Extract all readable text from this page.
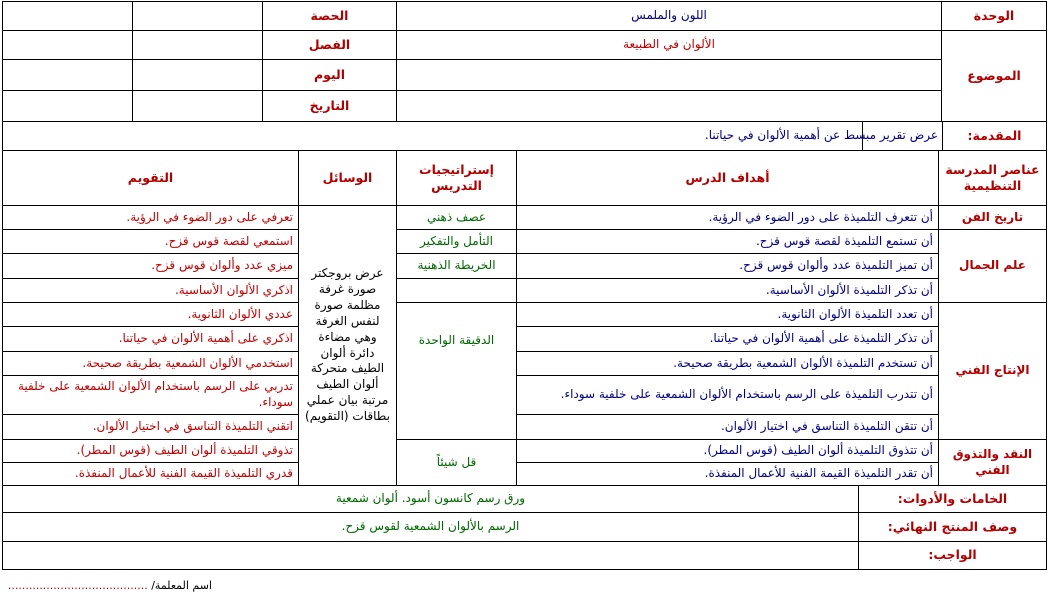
		الحصة	اللون والملمس	الوحدة
		الفصل	الألوان في الطبيعة	الموضوع
		اليوم		
		التاريخ		
	عرض تقرير مبسط عن أهمية الألوان في حياتنا.	المقدمة:
التقويم	الوسائل	إستراتيجيات التدريس	أهداف الدرس	عناصر المدرسة التنظيمية
تعرفي على دور الضوء في الرؤية.	عرض بروجكتر صورة غرفة مظلمة صورة لنفس الغرفة وهي مضاءة دائرة ألوان الطيف متحركة ألوان الطيف مرتبة بيان عملي بطاقات (التقويم)	عصف ذهني	أن تتعرف التلميذة على دور الضوء في الرؤية.	تاريخ الفن
استمعي لقصة قوس قزح.		التأمل والتفكير	أن تستمع التلميذة لقصة قوس قزح.	علم الجمال
ميزي عدد وألوان قوس قزح.		الخريطة الذهنية	أن تميز التلميذة عدد وألوان قوس قزح.	
اذكري الألوان الأساسية.			أن تذكر التلميذة الألوان الأساسية.	
عددي الألوان الثانوية.		الدقيقة الواحدة	أن تعدد التلميذة الألوان الثانوية.	الإنتاج الفني
اذكري على أهمية الألوان في حياتنا.			أن تذكر التلميذة على أهمية الألوان في حياتنا.	
استخدمي الألوان الشمعية بطريقة صحيحة.			أن تستخدم التلميذة الألوان الشمعية بطريقة صحيحة.	
تدربي على الرسم باستخدام الألوان الشمعية على خلفية سوداء.			أن تتدرب التلميذة على الرسم باستخدام الألوان الشمعية على خلفية سوداء.	
اتقني التلميذة التناسق في اختيار الألوان.			أن تتقن التلميذة التناسق في اختيار الألوان.	
تذوقي التلميذة ألوان الطيف (قوس المطر).		قل شيئاً	أن تتذوق التلميذة ألوان الطيف (قوس المطر).	النقد والتذوق الفني
قدري التلميذة القيمة الفنية للأعمال المنفذة.			أن تقدر التلميذة القيمة الفنية للأعمال المنفذة.	
ورق رسم كانسون أسود. ألوان شمعية	الخامات والأدوات:
الرسم بالألوان الشمعية لقوس قزح.	وصف المنتج النهائي:
	الواجب:
اسم المعلمة/ ........................................
